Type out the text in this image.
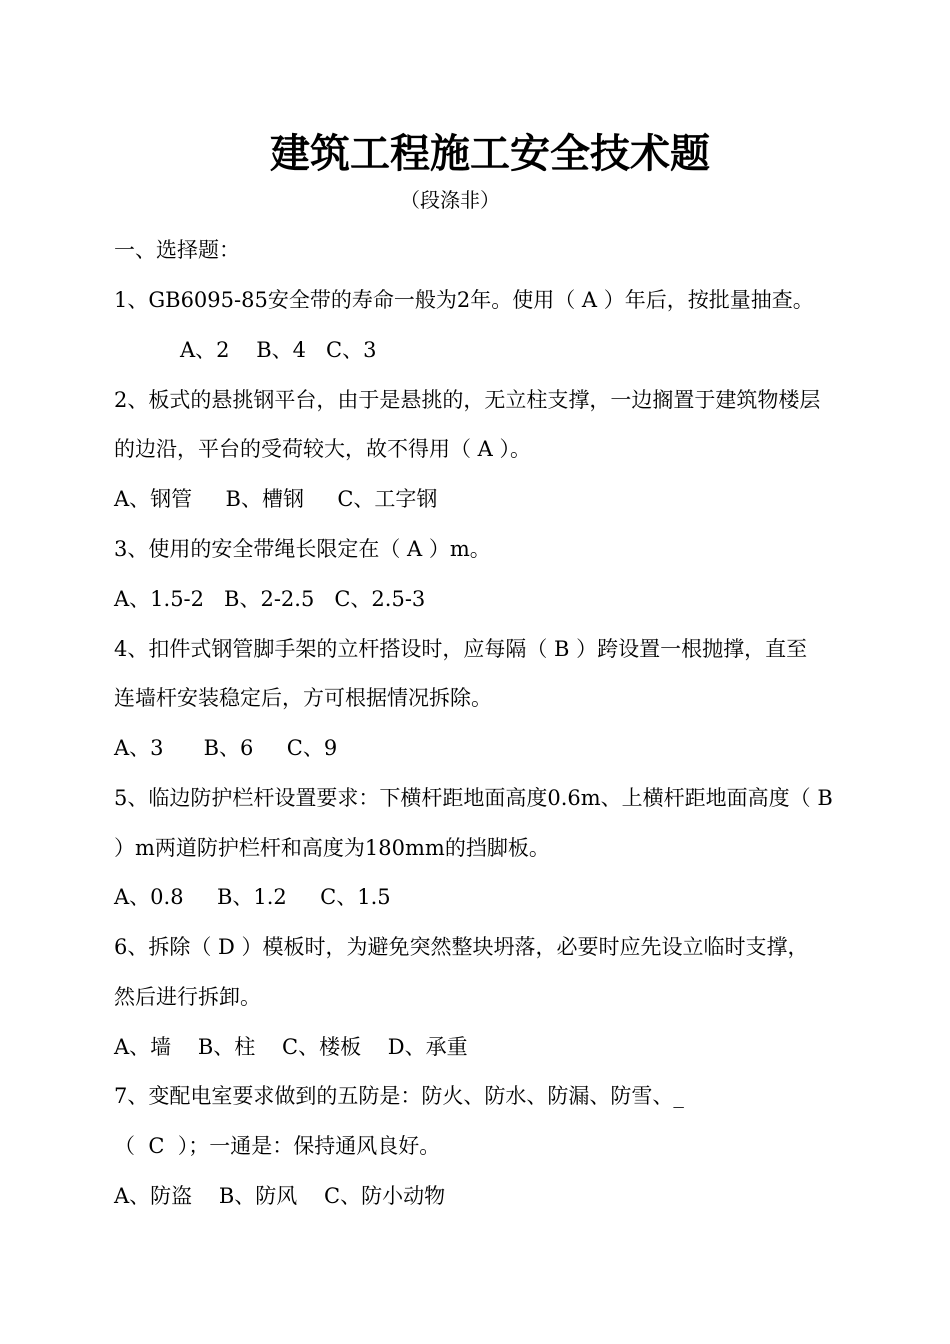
建筑工程施工安全技术题
（段涤非）
一、选择题：
1、GB6095-85安全带的寿命一般为2年。使用（ A ）年后，按批量抽查。
A、2    B、4   C、3
2、板式的悬挑钢平台，由于是悬挑的，无立柱支撑，一边搁置于建筑物楼层
的边沿，平台的受荷较大，故不得用（ A ）。
A、钢管     B、槽钢     C、工字钢
3、使用的安全带绳长限定在（ A ）m。
A、1.5-2   B、2-2.5   C、2.5-3
4、扣件式钢管脚手架的立杆搭设时，应每隔（ B ）跨设置一根抛撑，直至
连墙杆安装稳定后，方可根据情况拆除。
A、3      B、6     C、9
5、临边防护栏杆设置要求：下横杆距地面高度0.6m、上横杆距地面高度（ B
）m两道防护栏杆和高度为180mm的挡脚板。
A、0.8     B、1.2     C、1.5
6、拆除（ D ）模板时，为避免突然整块坍落，必要时应先设立临时支撑，
然后进行拆卸。
A、墙    B、柱    C、楼板    D、承重
7、变配电室要求做到的五防是：防火、防水、防漏、防雪、_
（  C  ）；一通是：保持通风良好。
A、防盗    B、防风    C、防小动物
